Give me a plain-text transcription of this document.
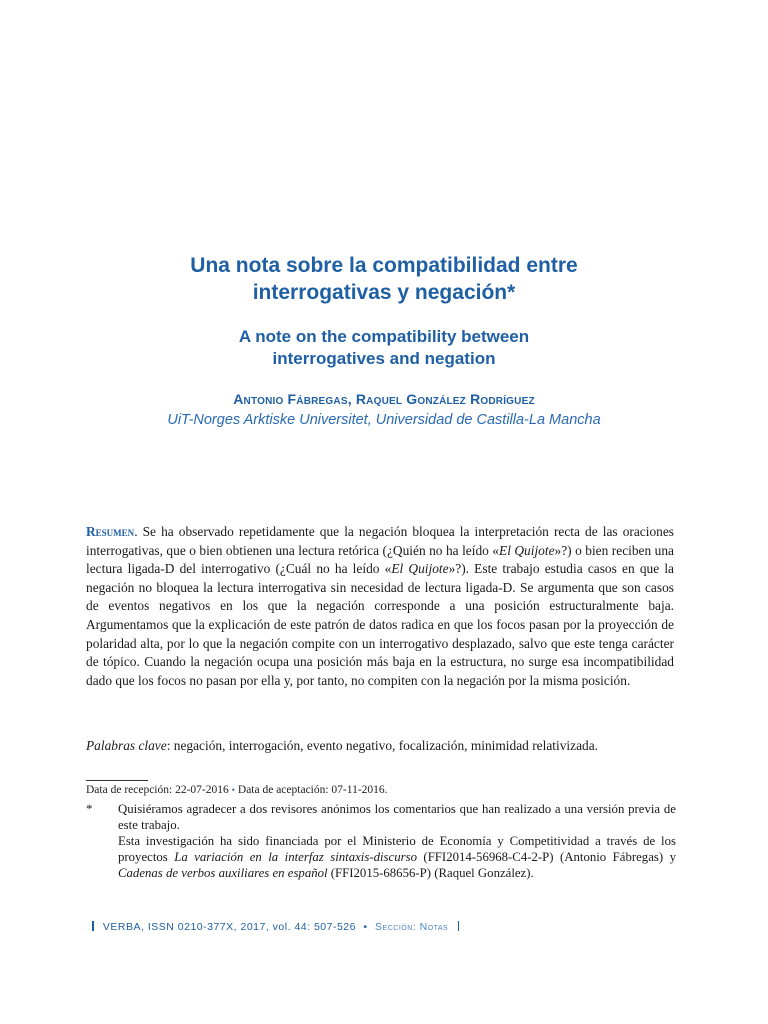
Una nota sobre la compatibilidad entre
interrogativas y negación*
A note on the compatibility between
interrogatives and negation
Antonio Fábregas, Raquel González Rodríguez
UiT-Norges Arktiske Universitet, Universidad de Castilla-La Mancha
Resumen. Se ha observado repetidamente que la negación bloquea la interpretación recta de las oraciones interrogativas, que o bien obtienen una lectura retórica (¿Quién no ha leído «El Quijote»?) o bien reciben una lectura ligada-D del interrogativo (¿Cuál no ha leído «El Quijote»?). Este trabajo estudia casos en que la negación no bloquea la lectura interrogativa sin necesidad de lectura ligada-D. Se argumenta que son casos de eventos negativos en los que la negación corresponde a una posición estructuralmente baja. Argumentamos que la explicación de este patrón de datos radica en que los focos pasan por la proyección de polaridad alta, por lo que la negación compite con un interrogativo desplazado, salvo que este tenga carácter de tópico. Cuando la negación ocupa una posición más baja en la estructura, no surge esa incompatibilidad dado que los focos no pasan por ella y, por tanto, no compiten con la negación por la misma posición.
Palabras clave: negación, interrogación, evento negativo, focalización, minimidad relativizada.
Data de recepción: 22-07-2016 • Data de aceptación: 07-11-2016.
* Quisiéramos agradecer a dos revisores anónimos los comentarios que han realizado a una versión previa de este trabajo.

Esta investigación ha sido financiada por el Ministerio de Economía y Competitividad a través de los proyectos La variación en la interfaz sintaxis-discurso (FFI2014-56968-C4-2-P) (Antonio Fábregas) y Cadenas de verbos auxiliares en español (FFI2015-68656-P) (Raquel González).

VERBA, ISSN 0210-377X, 2017, vol. 44: 507-526 • Sección: Notas
